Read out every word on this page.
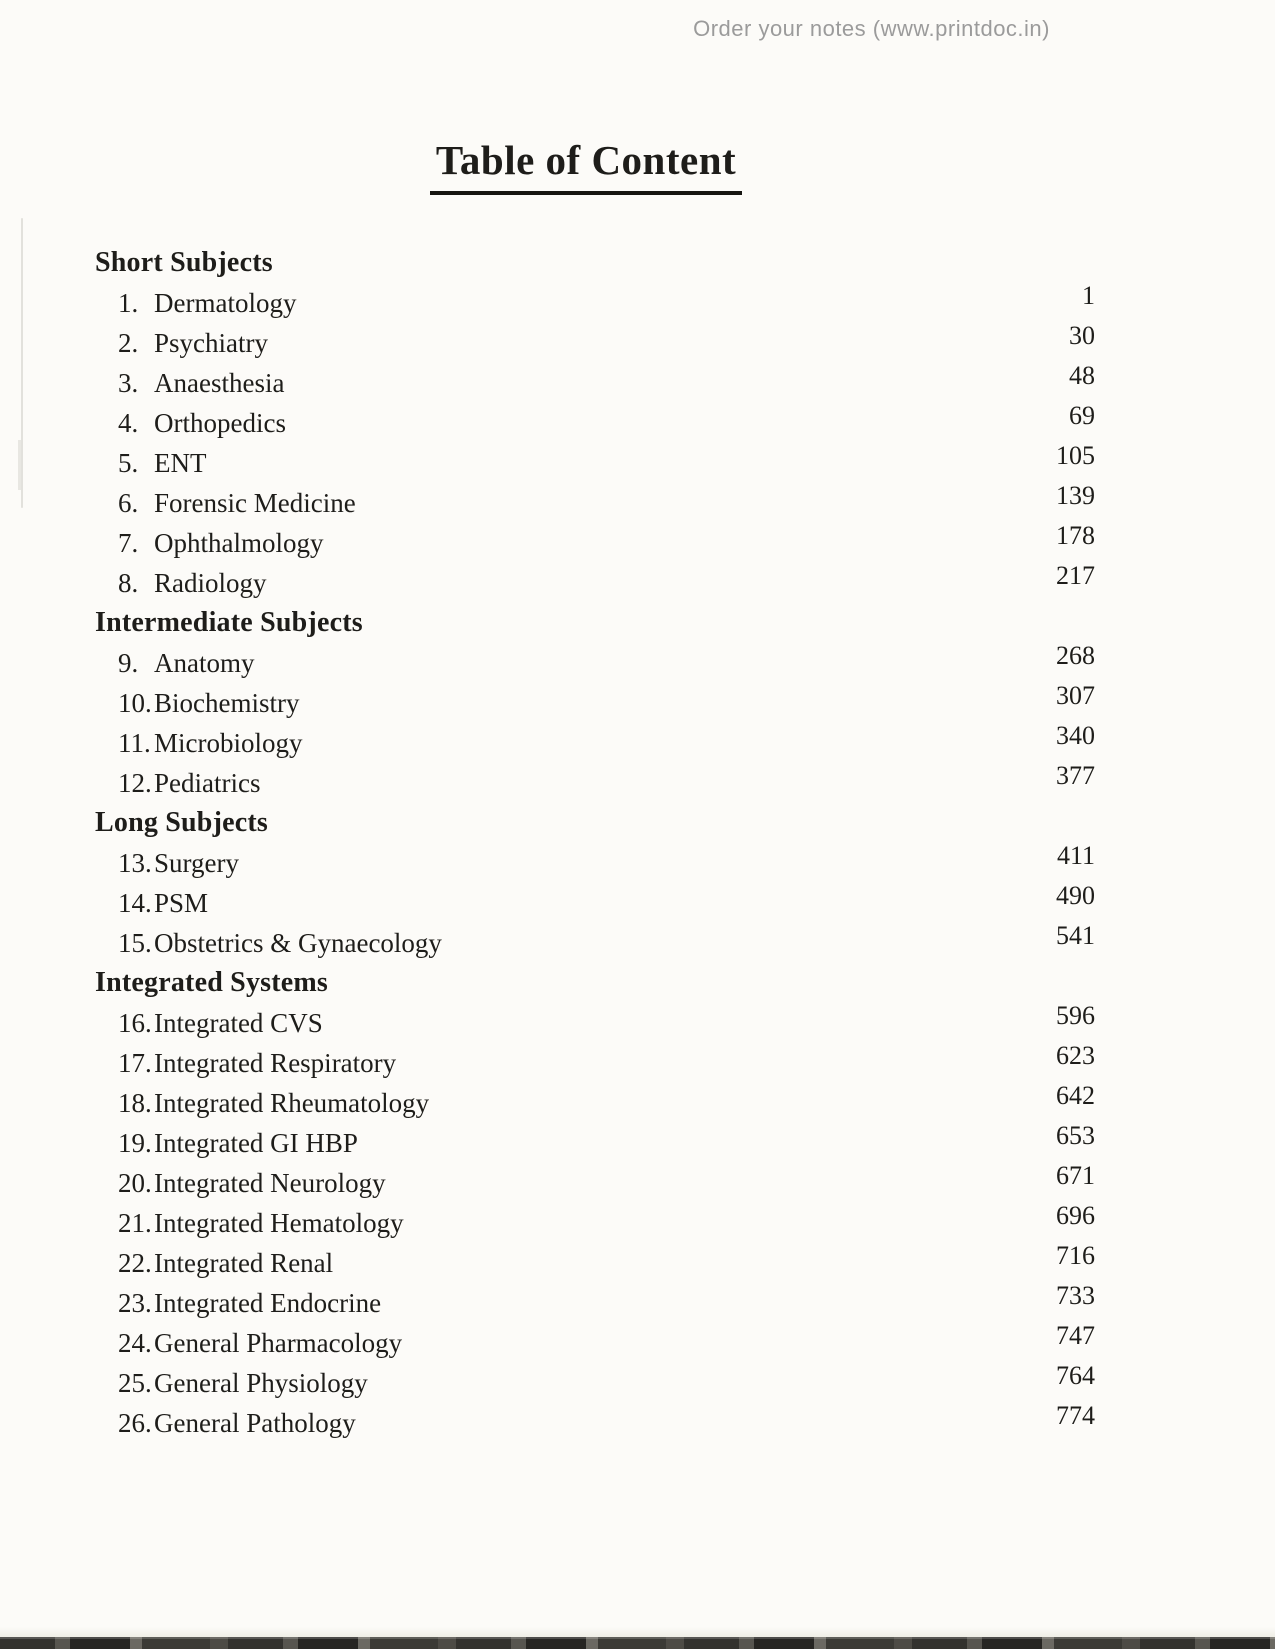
Order your notes (www.printdoc.in)
Table of Content
Short Subjects
1. Dermatology	1
2. Psychiatry	30
3. Anaesthesia	48
4. Orthopedics	69
5. ENT	105
6. Forensic Medicine	139
7. Ophthalmology	178
8. Radiology	217
Intermediate Subjects
9. Anatomy	268
10. Biochemistry	307
11. Microbiology	340
12. Pediatrics	377
Long Subjects
13. Surgery	411
14. PSM	490
15. Obstetrics & Gynaecology	541
Integrated Systems
16. Integrated CVS	596
17. Integrated Respiratory	623
18. Integrated Rheumatology	642
19. Integrated GI HBP	653
20. Integrated Neurology	671
21. Integrated Hematology	696
22. Integrated Renal	716
23. Integrated Endocrine	733
24. General Pharmacology	747
25. General Physiology	764
26. General Pathology	774
